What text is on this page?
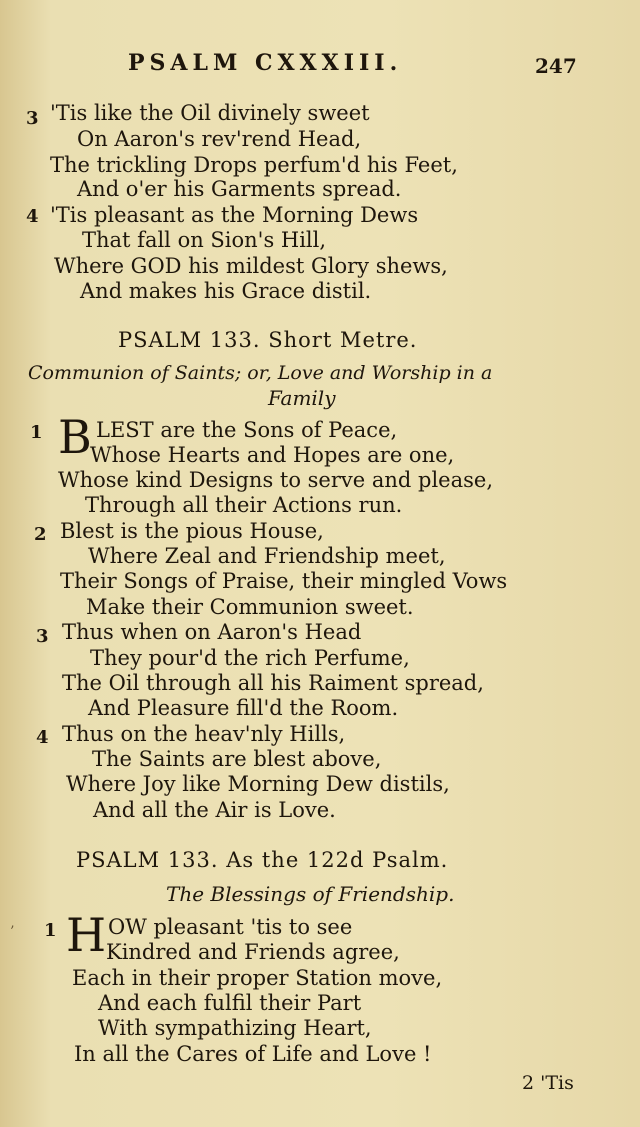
PSALM CXXXIII.	247
3 'Tis like the Oil divinely sweet
On Aaron's rev'rend Head,
The trickling Drops perfum'd his Feet,
And o'er his Garments spread.
4 'Tis pleasant as the Morning Dews
That fall on Sion's Hill,
Where GOD his mildest Glory shews,
And makes his Grace distil.
PSALM 133. Short Metre.
Communion of Saints; or, Love and Worship in a
Family
1 B LEST are the Sons of Peace,
Whose Hearts and Hopes are one,
Whose kind Designs to serve and please,
Through all their Actions run.
2 Blest is the pious House,
Where Zeal and Friendship meet,
Their Songs of Praise, their mingled Vows
Make their Communion sweet.
3 Thus when on Aaron's Head
They pour'd the rich Perfume,
The Oil through all his Raiment spread,
And Pleasure fill'd the Room.
4 Thus on the heav'nly Hills,
The Saints are blest above,
Where Joy like Morning Dew distils,
And all the Air is Love.
PSALM 133. As the 122d Psalm.
The Blessings of Friendship.
’ 1 H OW pleasant 'tis to see
Kindred and Friends agree,
Each in their proper Station move,
And each fulfil their Part
With sympathizing Heart,
In all the Cares of Life and Love !
2 'Tis
